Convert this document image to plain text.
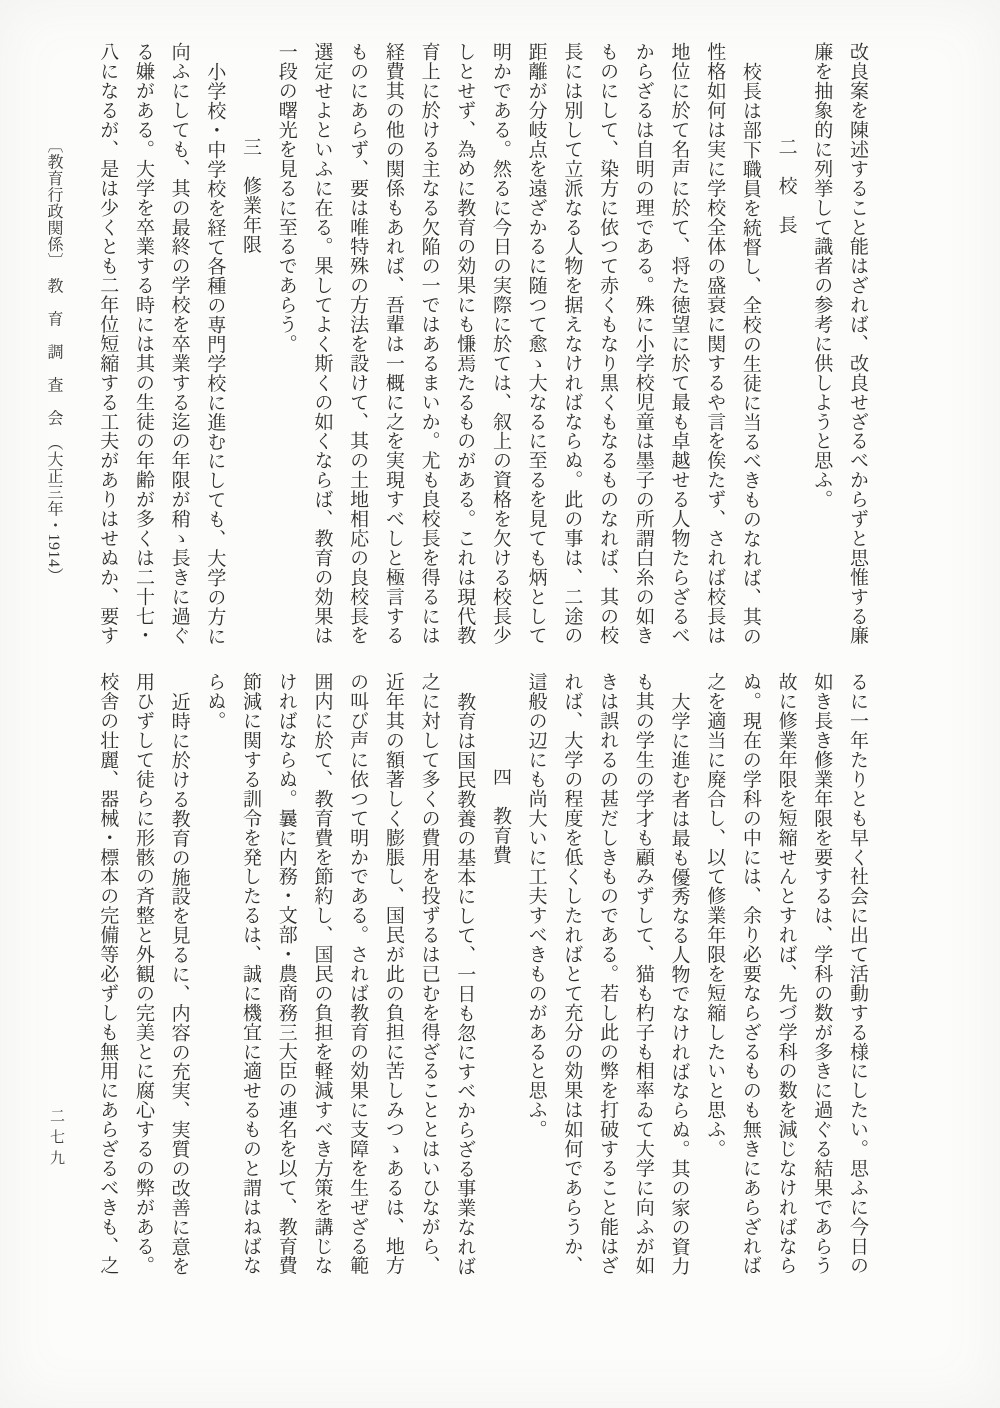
改良案を陳述すること能はざれば、改良せざるべからずと思惟する廉
廉を抽象的に列挙して識者の参考に供しようと思ふ。
二　校　長
校長は部下職員を統督し、全校の生徒に当るべきものなれば、其の
性格如何は実に学校全体の盛衰に関するや言を俟たず、されば校長は
地位に於て名声に於て、将た徳望に於て最も卓越せる人物たらざるべ
からざるは自明の理である。殊に小学校児童は墨子の所謂白糸の如き
ものにして、染方に依つて赤くもなり黒くもなるものなれば、其の校
長には別して立派なる人物を据えなければならぬ。此の事は、二途の
距離が分岐点を遠ざかるに随つて愈ゝ大なるに至るを見ても炳として
明かである。然るに今日の実際に於ては、叙上の資格を欠ける校長少
しとせず、為めに教育の効果にも慊焉たるものがある。これは現代教
育上に於ける主なる欠陥の一ではあるまいか。尤も良校長を得るには
経費其の他の関係もあれば、吾輩は一概に之を実現すべしと極言する
ものにあらず、要は唯特殊の方法を設けて、其の土地相応の良校長を
選定せよといふに在る。果してよく斯くの如くならば、教育の効果は
一段の曙光を見るに至るであらう。
三　修業年限
小学校・中学校を経て各種の専門学校に進むにしても、大学の方に
向ふにしても、其の最終の学校を卒業する迄の年限が稍ゝ長きに過ぐ
る嫌がある。大学を卒業する時には其の生徒の年齢が多くは二十七・
八になるが、是は少くとも二年位短縮する工夫がありはせぬか、要す
るに一年たりとも早く社会に出て活動する様にしたい。思ふに今日の
如き長き修業年限を要するは、学科の数が多きに過ぐる結果であらう
故に修業年限を短縮せんとすれば、先づ学科の数を減じなければなら
ぬ。現在の学科の中には、余り必要ならざるものも無きにあらざれば
之を適当に廃合し、以て修業年限を短縮したいと思ふ。
大学に進む者は最も優秀なる人物でなければならぬ。其の家の資力
も其の学生の学才も顧みずして、猫も杓子も相率ゐて大学に向ふが如
きは誤れるの甚だしきものである。若し此の弊を打破すること能はざ
れば、大学の程度を低くしたればとて充分の効果は如何であらうか、
這般の辺にも尚大いに工夫すべきものがあると思ふ。
四　教育費
教育は国民教養の基本にして、一日も忽にすべからざる事業なれば
之に対して多くの費用を投ずるは已むを得ざることとはいひながら、
近年其の額著しく膨脹し、国民が此の負担に苦しみつゝあるは、地方
の叫び声に依つて明かである。されば教育の効果に支障を生ぜざる範
囲内に於て、教育費を節約し、国民の負担を軽減すべき方策を講じな
ければならぬ。曩に内務・文部・農商務三大臣の連名を以て、教育費
節減に関する訓令を発したるは、誠に機宜に適せるものと謂はねばな
らぬ。
近時に於ける教育の施設を見るに、内容の充実、実質の改善に意を
用ひずして徒らに形骸の斉整と外観の完美とに腐心するの弊がある。
校舎の壮麗、器械・標本の完備等必ずしも無用にあらざるべきも、之
〔教育行政関係〕　教　育　調　査　会　（大正三年・1914）
二七九
